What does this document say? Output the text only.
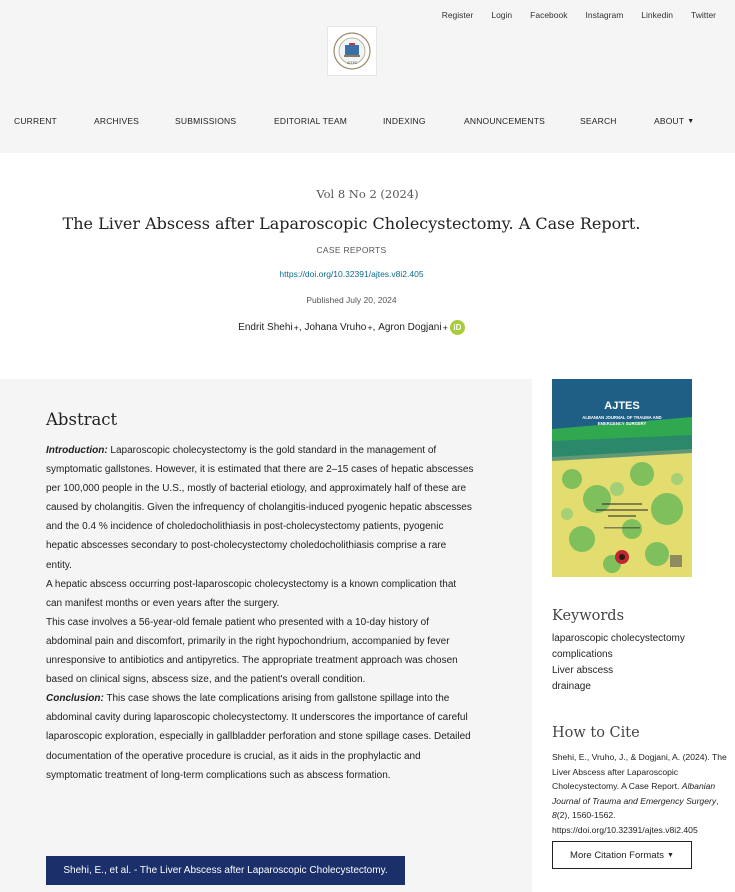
Register Login Facebook Instagram Linkedin Twitter
AJTES
CURRENT	ARCHIVES	SUBMISSIONS	EDITORIAL TEAM	INDEXING	ANNOUNCEMENTS	SEARCH	ABOUT ▼
Vol 8 No 2 (2024)
The Liver Abscess after Laparoscopic Cholecystectomy. A Case Report.
CASE REPORTS
https://doi.org/10.32391/ajtes.v8i2.405
Published July 20, 2024
Endrit Shehi + , Johana Vruho + , Agron Dogjani + iD
Abstract

Introduction: Laparoscopic cholecystectomy is the gold standard in the management of symptomatic gallstones. However, it is estimated that there are 2–15 cases of hepatic abscesses per 100,000 people in the U.S., mostly of bacterial etiology, and approximately half of these are caused by cholangitis. Given the infrequency of cholangitis-induced pyogenic hepatic abscesses and the 0.4 % incidence of choledocholithiasis in post-cholecystectomy patients, pyogenic hepatic abscesses secondary to post-cholecystectomy choledocholithiasis comprise a rare entity.

A hepatic abscess occurring post-laparoscopic cholecystectomy is a known complication that can manifest months or even years after the surgery.

This case involves a 56-year-old female patient who presented with a 10-day history of abdominal pain and discomfort, primarily in the right hypochondrium, accompanied by fever unresponsive to antibiotics and antipyretics. The appropriate treatment approach was chosen based on clinical signs, abscess size, and the patient's overall condition.

Conclusion: This case shows the late complications arising from gallstone spillage into the abdominal cavity during laparoscopic cholecystectomy. It underscores the importance of careful laparoscopic exploration, especially in gallbladder perforation and stone spillage cases. Detailed documentation of the operative procedure is crucial, as it aids in the prophylactic and symptomatic treatment of long-term complications such as abscess formation.

Shehi, E., et al. - The Liver Abscess after Laparoscopic Cholecystectomy.
AJTES
ALBANIAN JOURNAL OF TRAUMA AND
EMERGENCY SURGERY
Keywords
laparoscopic cholecystectomy
complications
Liver abscess
drainage
How to Cite
Shehi, E., Vruho, J., & Dogjani, A. (2024). The Liver Abscess after Laparoscopic Cholecystectomy. A Case Report. Albanian Journal of Trauma and Emergency Surgery, 8(2), 1560-1562. https://doi.org/10.32391/ajtes.v8i2.405
More Citation Formats ▼
